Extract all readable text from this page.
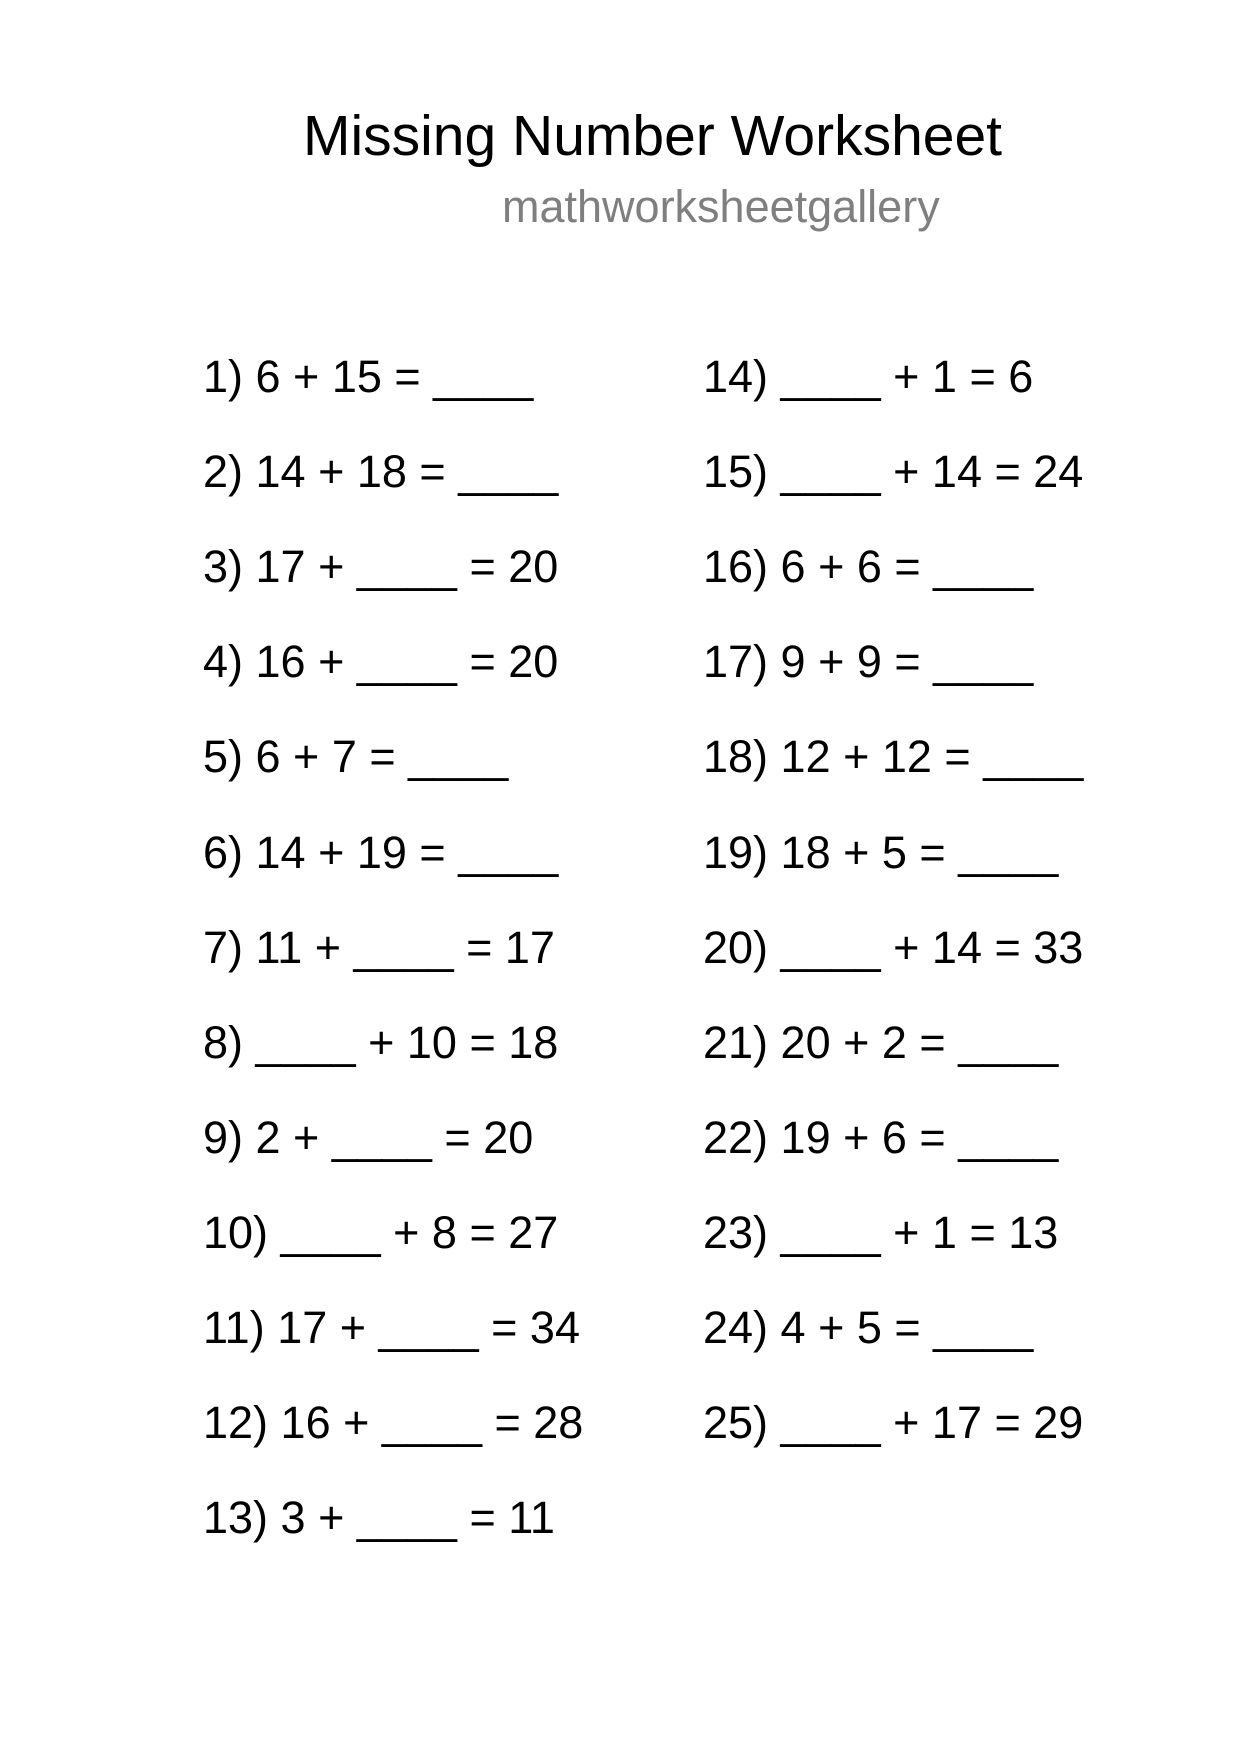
Missing Number Worksheet
mathworksheetgallery
1) 6 + 15 = ____
2) 14 + 18 = ____
3) 17 + ____ = 20
4) 16 + ____ = 20
5) 6 + 7 = ____
6) 14 + 19 = ____
7) 11 + ____ = 17
8) ____ + 10 = 18
9) 2 + ____ = 20
10) ____ + 8 = 27
11) 17 + ____ = 34
12) 16 + ____ = 28
13) 3 + ____ = 11
14) ____ + 1 = 6
15) ____ + 14 = 24
16) 6 + 6 = ____
17) 9 + 9 = ____
18) 12 + 12 = ____
19) 18 + 5 = ____
20) ____ + 14 = 33
21) 20 + 2 = ____
22) 19 + 6 = ____
23) ____ + 1 = 13
24) 4 + 5 = ____
25) ____ + 17 = 29
